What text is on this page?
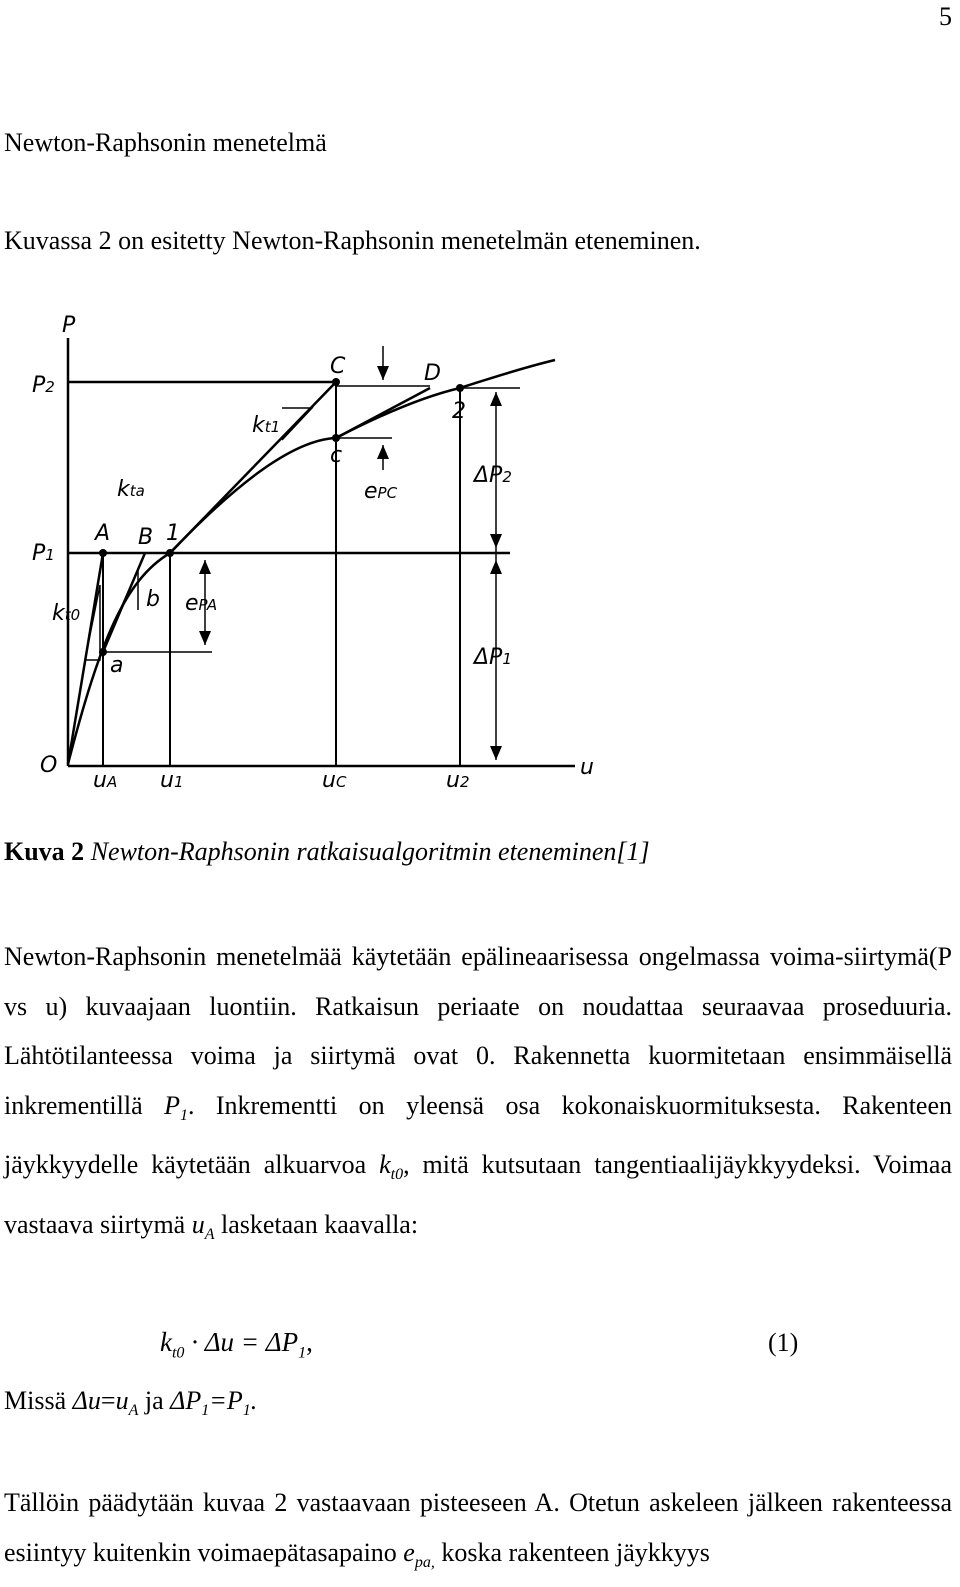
5
Newton-Raphsonin menetelmä
Kuvassa 2 on esitetty Newton-Raphsonin menetelmän eteneminen.
P
P2
P1
O	u
uA u1	uC	u2
A B
C	D
a
b
c
1
2
kt0
kt1
kta
ePA
ePC
ΔP2
ΔP1
Kuva 2 Newton-Raphsonin ratkaisualgoritmin eteneminen[1]
Newton-Raphsonin menetelmää käytetään epälineaarisessa ongelmassa voima-siirtymä(P vs u) kuvaajaan luontiin. Ratkaisun periaate on noudattaa seuraavaa proseduuria. Lähtötilanteessa voima ja siirtymä ovat 0. Rakennetta kuormitetaan ensimmäisellä inkrementillä $P_1$. Inkrementti on yleensä osa kokonaiskuormituksesta. Rakenteen jäykkyydelle käytetään alkuarvoa $k_{t0}$, mitä kutsutaan tangentiaalijäykkyydeksi. Voimaa vastaava siirtymä $u_A$ lasketaan kaavalla:
$k_{t0} \cdot \Delta u = \Delta P_1$,	(1)
Missä $\Delta u=u_A$ ja $\Delta P_1=P_1$.
Tällöin päädytään kuvaa 2 vastaavaan pisteeseen A. Otetun askeleen jälkeen rakenteessa esiintyy kuitenkin voimaepätasapaino $e_{pa,}$ koska rakenteen jäykkyys
